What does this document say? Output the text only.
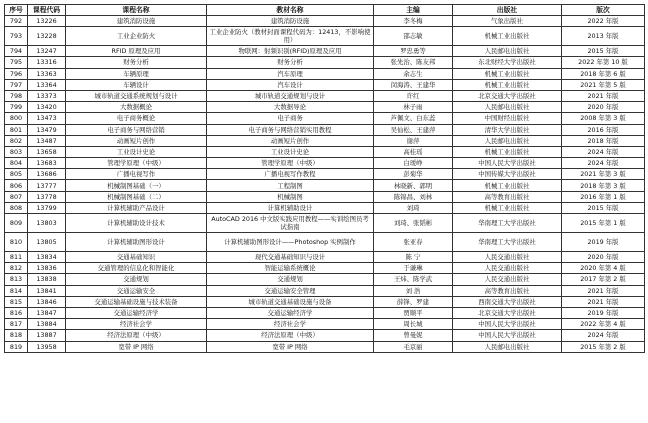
序号	课程代码	课程名称	教材名称	主编	出版社	版次
792	13226	建筑消防设施	建筑消防设施	李冬梅	气象出版社	2022 年版
793	13228	工业企业防火	工业企业防火（教材封面课程代码为：12413，不影响使用）	邵志敏	机械工业出版社	2013 年版
794	13247	RFID 原理及应用	物联网：射频识别(RFID)原理及应用	罗忠勇等	人民邮电出版社	2015 年版
795	13316	财务分析	财务分析	张先治、陈友邦	东北财经大学出版社	2022 年第 10 版
796	13363	车辆原理	汽车原理	余志生	机械工业出版社	2018 年第 6 版
797	13364	车辆设计	汽车设计	闵海涛、王建华	机械工业出版社	2021 年第 5 版
798	13373	城市轨道交通系统规划与设计	城市轨道交通规划与设计	许红	北京交通大学出版社	2021 年版
799	13420	大数据概论	大数据导论	林子雨	人民邮电出版社	2020 年版
800	13473	电子商务概论	电子商务	芦佩文、白东蕊	中国财经出版社	2008 年第 3 版
801	13479	电子商务与网络营销	电子商务与网络营销实用教程	吴仙松、王建萍	清华大学出版社	2016 年版
802	13487	动画短片创作	动画短片创作	谢萍	人民邮电出版社	2018 年版
803	13658	工业设计史论	工业设计史论	高桂瑶	机械工业出版社	2024 年版
804	13683	管理学原理（中级）	管理学原理（中级）	白瑷峥	中国人民大学出版社	2024 年版
805	13686	广播电视写作	广播电视写作教程	彭菊华	中国传媒大学出版社	2021 年第 3 版
806	13777	机械制图基础（一）	工程制图	林晓新、郭明	机械工业出版社	2018 年第 3 版
807	13778	机械制图基础（二）	机械制图	陈锦昌、刘林	高等教育出版社	2016 年第 1 版
808	13799	计算机辅助产品设计	计算机辅助设计	刘琦	机械工业出版社	2015 年版
809	13803	计算机辅助设计技术	AutoCAD 2016 中文版实践应用教程——实训绘图员考试指南	刘琦、张韬彬	华南理工大学出版社	2015 年第 1 版
810	13805	计算机辅助图形设计	计算机辅助图形设计——Photoshop 实例制作	张亚春	华南理工大学出版社	2019 年版
811	13834	交通基础知识	现代交通基础知识与设计	陈 宁	人民交通出版社	2020 年版
812	13836	交通管理的信息化和智能化	智能运输系统概论	于谦琳	人民交通出版社	2020 年第 4 版
813	13838	交通规划	交通规划	王炜、陈学武	人民交通出版社	2017 年第 2 版
814	13841	交通运输安全	交通运输安全管理	刘 浩	高等教育出版社	2021 年版
815	13846	交通运输基础设施与技术装备	城市轨道交通基础设施与设备	薛锋、罗建	西南交通大学出版社	2021 年版
816	13847	交通运输经济学	交通运输经济学	贾顺平	北京交通大学出版社	2019 年版
817	13884	经济社会学	经济社会学	周长城	中国人民大学出版社	2022 年第 4 版
818	13887	经济法原理（中级）	经济法原理（中级）	曾曼妮	中国人民大学出版社	2024 年版
819	13958	宽带 IP 网络	宽带 IP 网络	毛京丽	人民邮电出版社	2015 年第 2 版
